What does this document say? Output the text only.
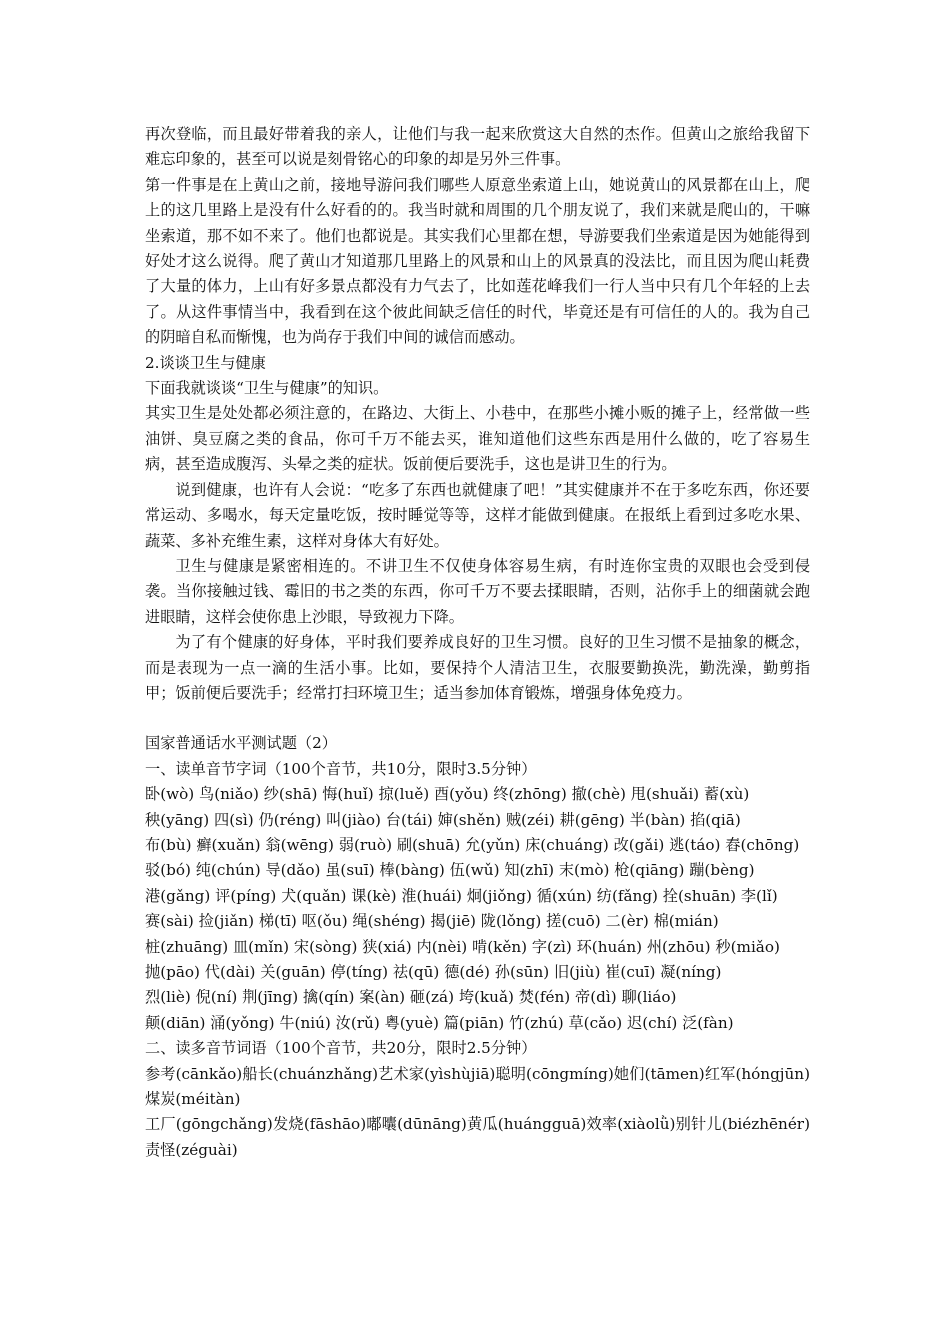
再次登临，而且最好带着我的亲人，让他们与我一起来欣赏这大自然的杰作。但黄山之旅给我留下难忘印象的，甚至可以说是刻骨铭心的印象的却是另外三件事。

第一件事是在上黄山之前，接地导游问我们哪些人原意坐索道上山，她说黄山的风景都在山上，爬上的这几里路上是没有什么好看的的。我当时就和周围的几个朋友说了，我们来就是爬山的，干嘛坐索道，那不如不来了。他们也都说是。其实我们心里都在想，导游要我们坐索道是因为她能得到好处才这么说得。爬了黄山才知道那几里路上的风景和山上的风景真的没法比，而且因为爬山耗费了大量的体力，上山有好多景点都没有力气去了，比如莲花峰我们一行人当中只有几个年轻的上去了。从这件事情当中，我看到在这个彼此间缺乏信任的时代，毕竟还是有可信任的人的。我为自己的阴暗自私而惭愧，也为尚存于我们中间的诚信而感动。

2.谈谈卫生与健康

下面我就谈谈“卫生与健康”的知识。

其实卫生是处处都必须注意的，在路边、大街上、小巷中，在那些小摊小贩的摊子上，经常做一些油饼、臭豆腐之类的食品，你可千万不能去买，谁知道他们这些东西是用什么做的，吃了容易生病，甚至造成腹泻、头晕之类的症状。饭前便后要洗手，这也是讲卫生的行为。

说到健康，也许有人会说：“吃多了东西也就健康了吧！”其实健康并不在于多吃东西，你还要常运动、多喝水，每天定量吃饭，按时睡觉等等，这样才能做到健康。在报纸上看到过多吃水果、蔬菜、多补充维生素，这样对身体大有好处。

卫生与健康是紧密相连的。不讲卫生不仅使身体容易生病，有时连你宝贵的双眼也会受到侵袭。当你接触过钱、霉旧的书之类的东西，你可千万不要去揉眼睛，否则，沾你手上的细菌就会跑进眼睛，这样会使你患上沙眼，导致视力下降。

为了有个健康的好身体，平时我们要养成良好的卫生习惯。良好的卫生习惯不是抽象的概念，而是表现为一点一滴的生活小事。比如，要保持个人清洁卫生，衣服要勤换洗，勤洗澡，勤剪指甲；饭前便后要洗手；经常打扫环境卫生；适当参加体育锻炼，增强身体免疫力。

国家普通话水平测试题（2）

一、读单音节字词（100个音节，共10分，限时3.5分钟）

卧(wò) 鸟(niǎo) 纱(shā) 悔(huǐ) 掠(luě) 酉(yǒu) 终(zhōng) 撤(chè) 甩(shuǎi) 蓄(xù)

秧(yāng) 四(sì) 仍(réng) 叫(jiào) 台(tái) 婶(shěn) 贼(zéi) 耕(gēng) 半(bàn) 掐(qiā)

布(bù) 癣(xuǎn) 翁(wēng) 弱(ruò) 刷(shuā) 允(yǔn) 床(chuáng) 改(gǎi) 逃(táo) 舂(chōng)

驳(bó) 纯(chún) 导(dǎo) 虽(suī) 棒(bàng) 伍(wǔ) 知(zhī) 末(mò) 枪(qiāng) 蹦(bèng)

港(gǎng) 评(píng) 犬(quǎn) 课(kè) 淮(huái) 炯(jiǒng) 循(xún) 纺(fǎng) 拴(shuān) 李(lǐ)

赛(sài) 捡(jiǎn) 梯(tī) 呕(ǒu) 绳(shéng) 揭(jiē) 陇(lǒng) 搓(cuō) 二(èr) 棉(mián)

桩(zhuāng) 皿(mǐn) 宋(sòng) 狭(xiá) 内(nèi) 啃(kěn) 字(zì) 环(huán) 州(zhōu) 秒(miǎo)

抛(pāo) 代(dài) 关(guān) 停(tíng) 祛(qū) 德(dé) 孙(sūn) 旧(jiù) 崔(cuī) 凝(níng)

烈(liè) 倪(ní) 荆(jīng) 擒(qín) 案(àn) 砸(zá) 垮(kuǎ) 焚(fén) 帝(dì) 聊(liáo)

颠(diān) 涌(yǒng) 牛(niú) 汝(rǔ) 粤(yuè) 篇(piān) 竹(zhú) 草(cǎo) 迟(chí) 泛(fàn)

二、读多音节词语（100个音节，共20分，限时2.5分钟）

参考(cānkǎo)船长(chuánzhǎng)艺术家(yìshùjiā)聪明(cōngmíng)她们(tāmen)红军(hóngjūn)煤炭(méitàn)

工厂(gōngchǎng)发烧(fāshāo)嘟囔(dūnāng)黄瓜(huángguā)效率(xiàolǜ)别针儿(biézhēnér)责怪(zéguài)
